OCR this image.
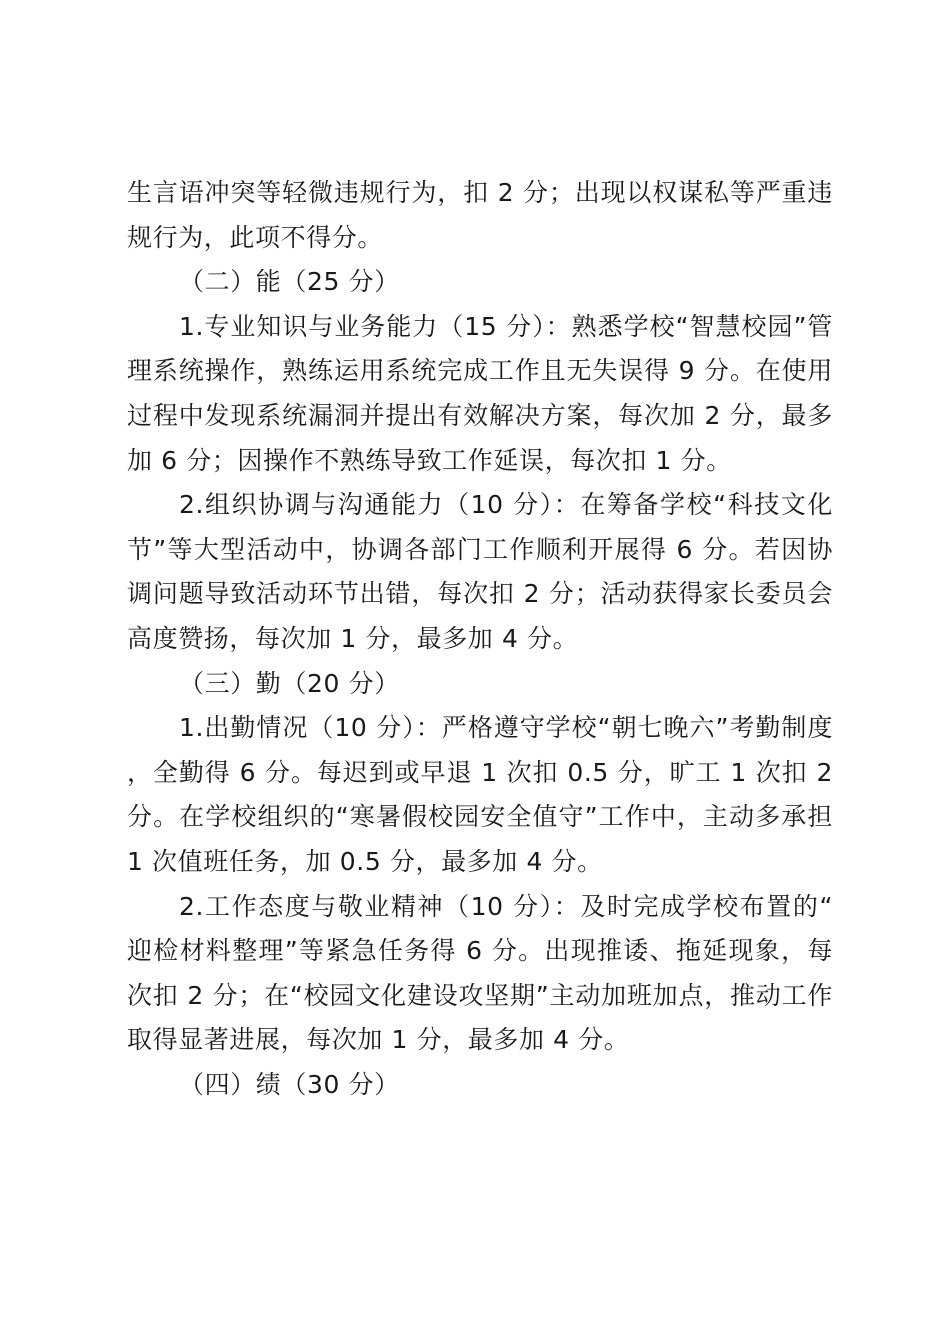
生言语冲突等轻微违规行为，扣 2 分；出现以权谋私等严重违规行为，此项不得分。

（二）能（25 分）

1.专业知识与业务能力（15 分）：熟悉学校“智慧校园”管理系统操作，熟练运用系统完成工作且无失误得 9 分。在使用过程中发现系统漏洞并提出有效解决方案，每次加 2 分，最多加 6 分；因操作不熟练导致工作延误，每次扣 1 分。

2.组织协调与沟通能力（10 分）：在筹备学校“科技文化节”等大型活动中，协调各部门工作顺利开展得 6 分。若因协调问题导致活动环节出错，每次扣 2 分；活动获得家长委员会高度赞扬，每次加 1 分，最多加 4 分。

（三）勤（20 分）

1.出勤情况（10 分）：严格遵守学校“朝七晚六”考勤制度，全勤得 6 分。每迟到或早退 1 次扣 0.5 分，旷工 1 次扣 2 分。在学校组织的“寒暑假校园安全值守”工作中，主动多承担 1 次值班任务，加 0.5 分，最多加 4 分。

2.工作态度与敬业精神（10 分）：及时完成学校布置的“迎检材料整理”等紧急任务得 6 分。出现推诿、拖延现象，每次扣 2 分；在“校园文化建设攻坚期”主动加班加点，推动工作取得显著进展，每次加 1 分，最多加 4 分。

（四）绩（30 分）
